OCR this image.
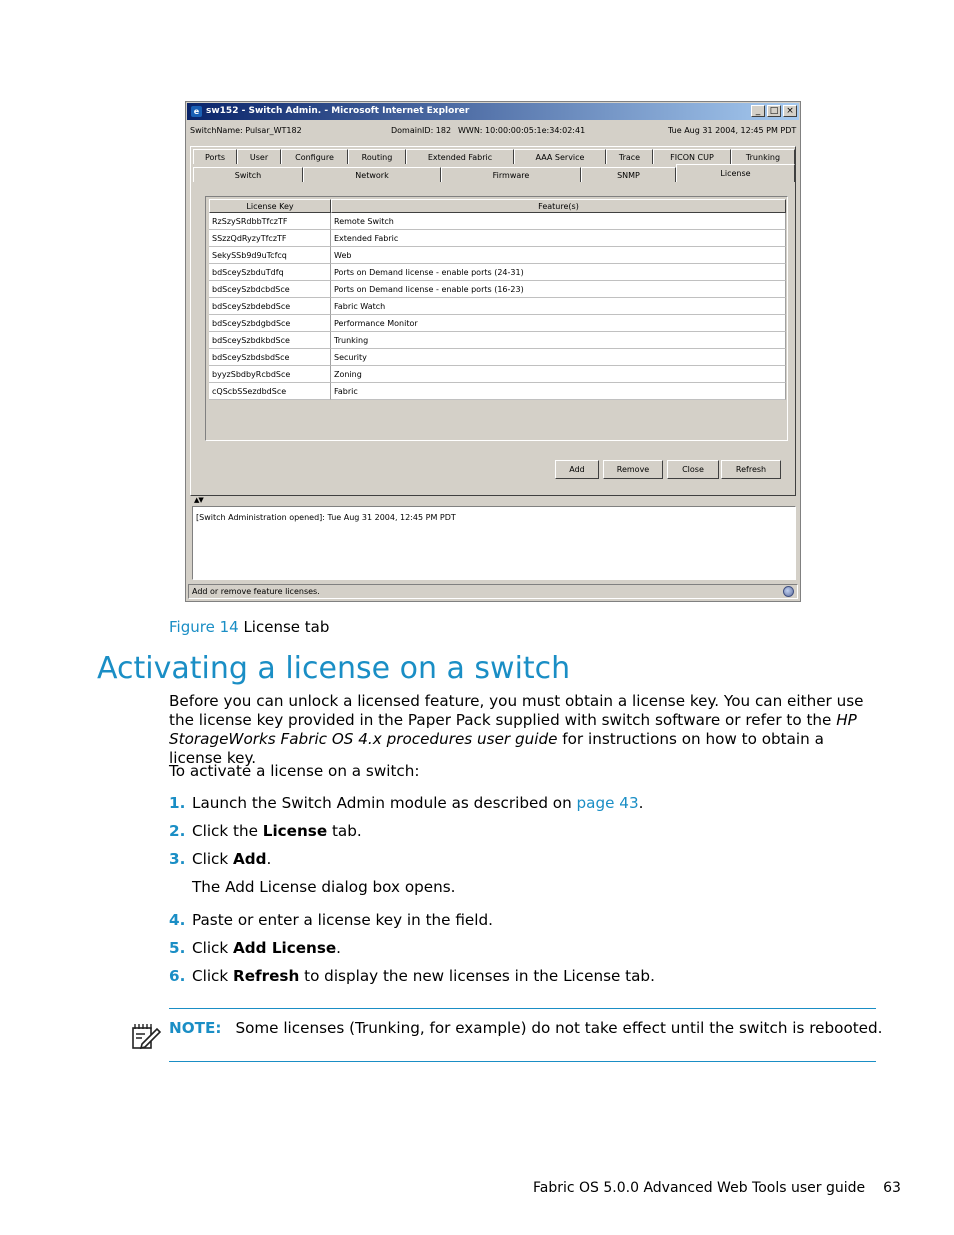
e sw152 - Switch Admin. - Microsoft Internet Explorer	_	□ ×
SwitchName: Pulsar_WT182	DomainID: 182 WWN: 10:00:00:05:1e:34:02:41	Tue Aug 31 2004, 12:45 PM PDT
Ports	User	Configure	Routing	Extended Fabric	AAA Service	Trace	FICON CUP	Trunking
Switch	Network	Firmware	SNMP	License
License Key	Feature(s)
RzSzySRdbbTfczTF	Remote Switch
SSzzQdRyzyTfczTF	Extended Fabric
SekySSb9d9uTcfcq	Web
bdSceySzbduTdfq	Ports on Demand license - enable ports (24-31)
bdSceySzbdcbdSce	Ports on Demand license - enable ports (16-23)
bdSceySzbdebdSce	Fabric Watch
bdSceySzbdgbdSce	Performance Monitor
bdSceySzbdkbdSce	Trunking
bdSceySzbdsbdSce	Security
byyzSbdbyRcbdSce	Zoning
cQScbSSezdbdSce	Fabric
Add	Remove	Close	Refresh
▲▼
[Switch Administration opened]: Tue Aug 31 2004, 12:45 PM PDT
Add or remove feature licenses.
Figure 14 License tab
Activating a license on a switch
Before you can unlock a licensed feature, you must obtain a license key. You can either use the license key provided in the Paper Pack supplied with switch software or refer to the HP StorageWorks Fabric OS 4.x procedures user guide for instructions on how to obtain a license key.
To activate a license on a switch:
1. Launch the Switch Admin module as described on page 43.
2. Click the License tab.
3. Click Add.
The Add License dialog box opens.
4. Paste or enter a license key in the field.
5. Click Add License.
6. Click Refresh to display the new licenses in the License tab.
NOTE: Some licenses (Trunking, for example) do not take effect until the switch is rebooted.
Fabric OS 5.0.0 Advanced Web Tools user guide 63
